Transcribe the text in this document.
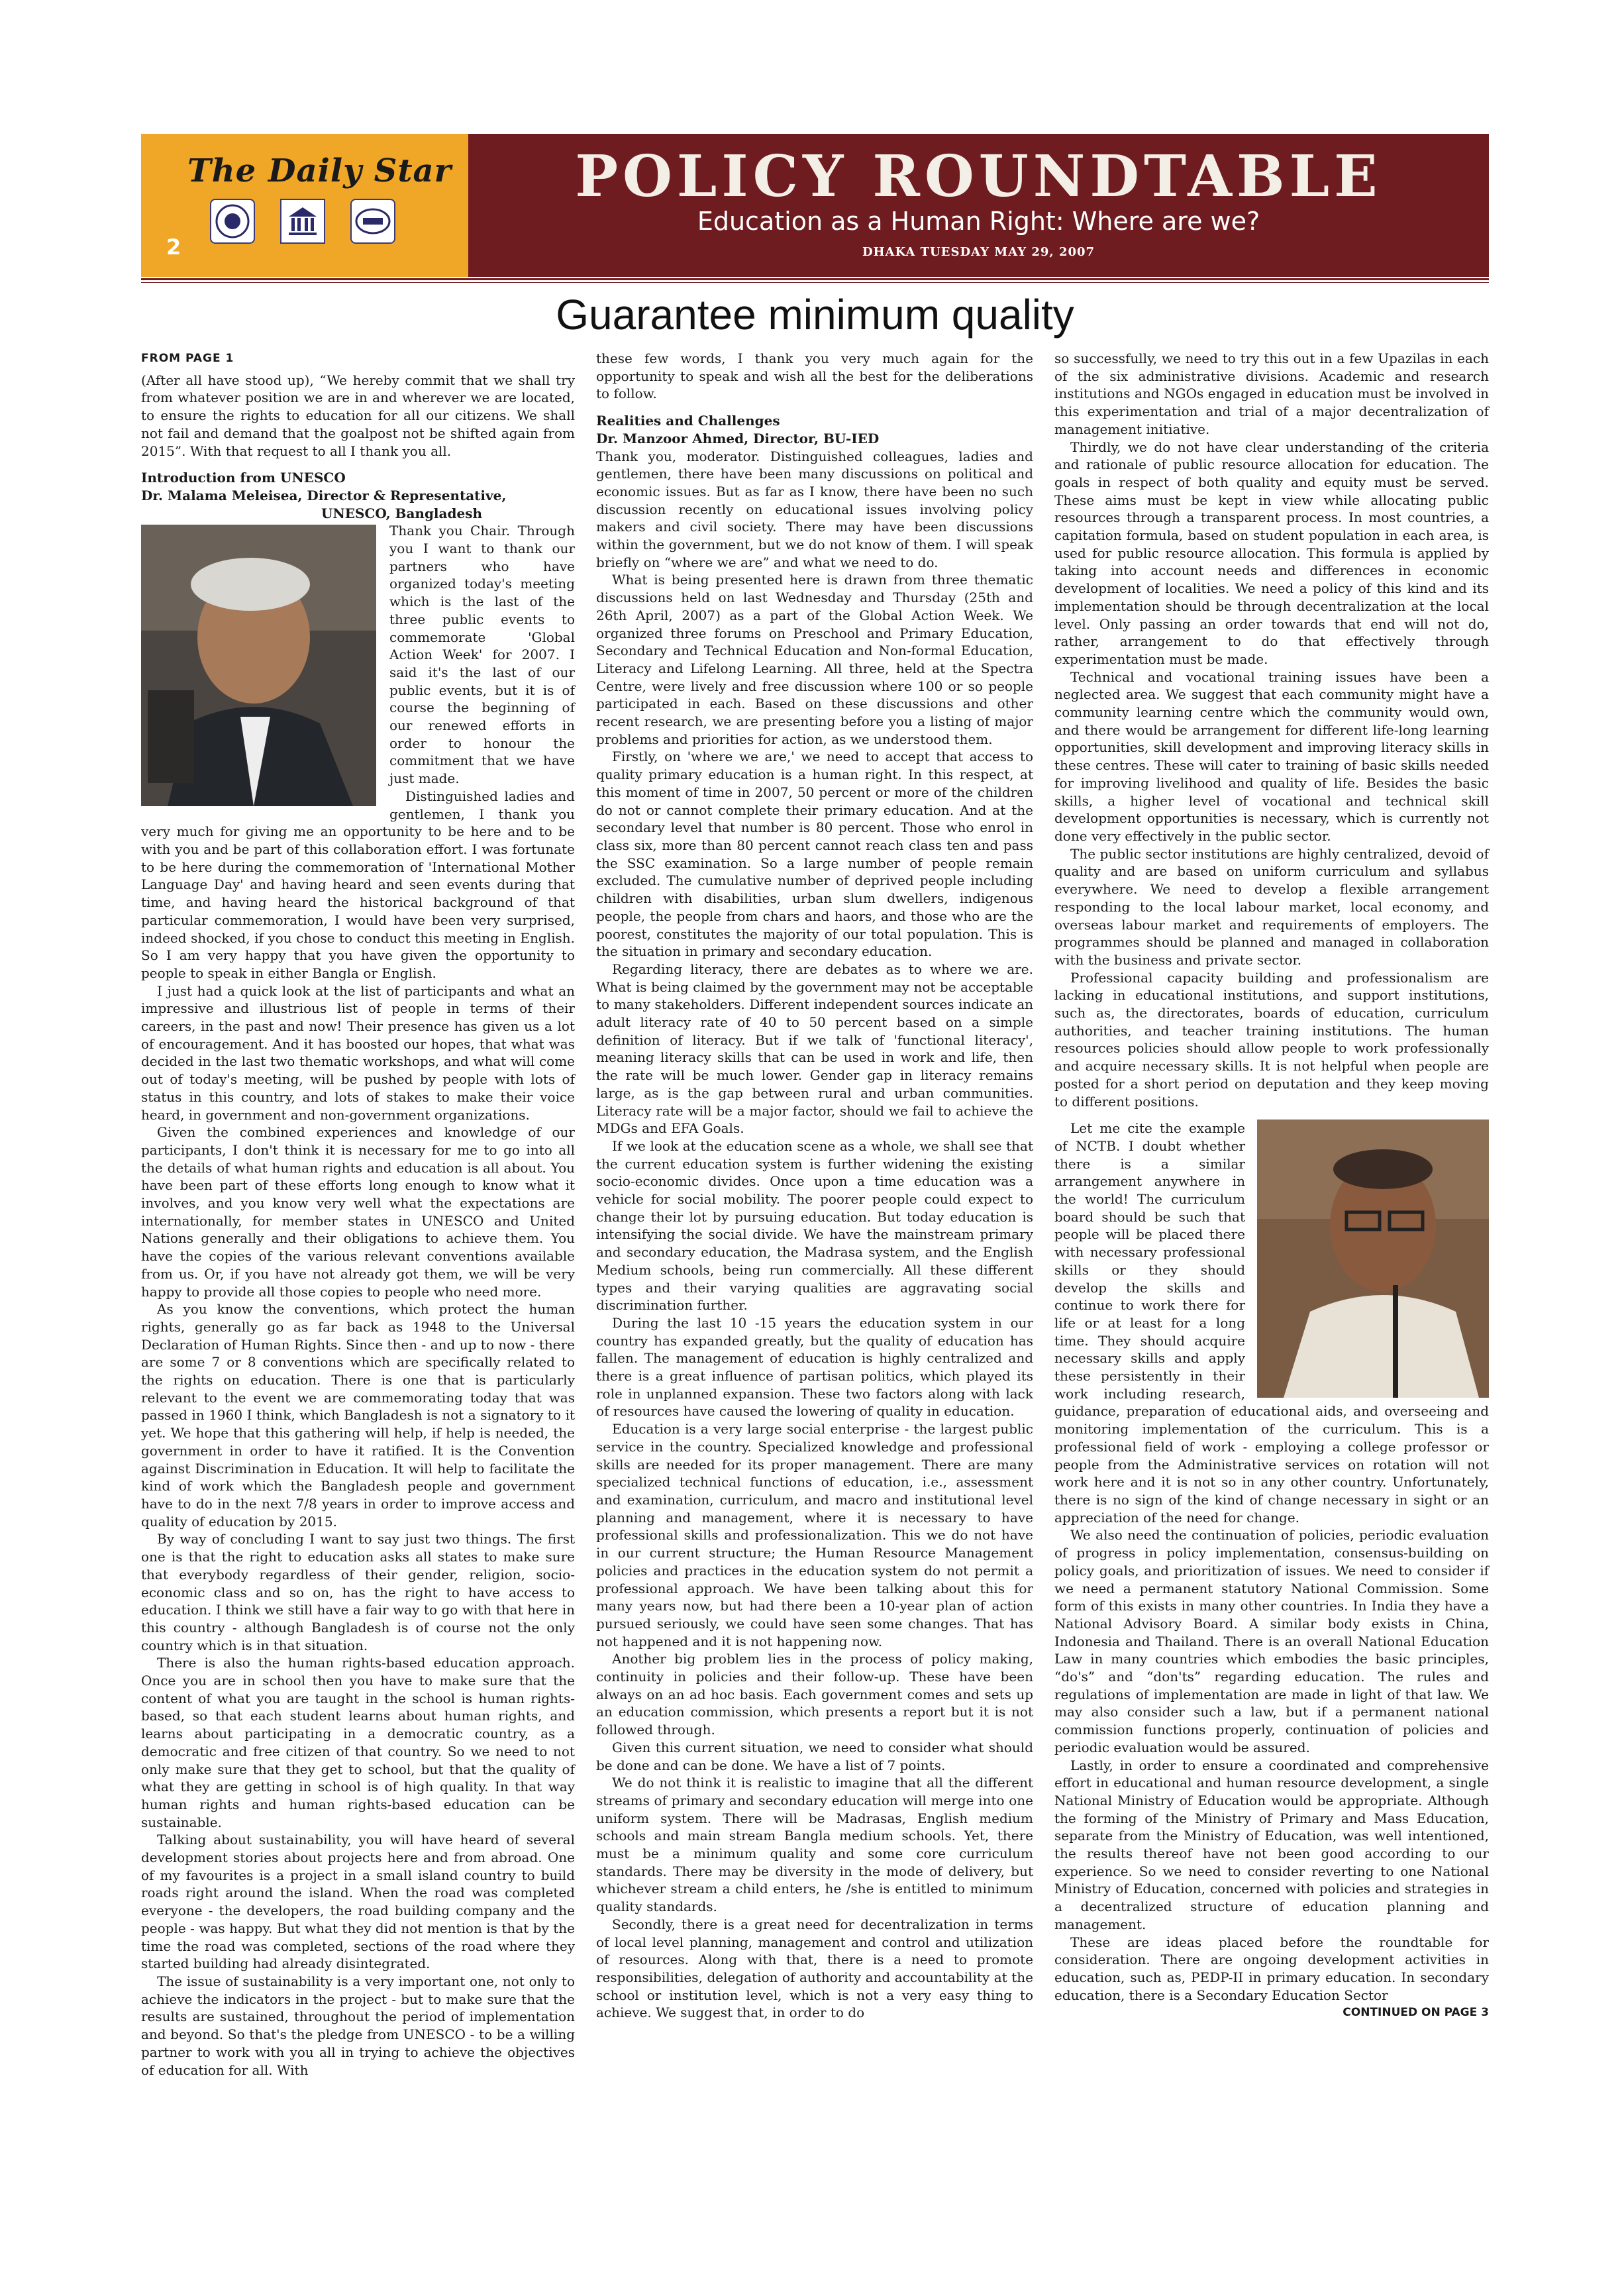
The Daily Star
2
POLICY ROUNDTABLE
Education as a Human Right: Where are we?
DHAKA TUESDAY MAY 29, 2007
Guarantee minimum quality

FROM PAGE 1

(After all have stood up), “We hereby commit that we shall try from whatever position we are in and wherever we are located, to ensure the rights to education for all our citizens. We shall not fail and demand that the goalpost not be shifted again from 2015”. With that request to all I thank you all.

Introduction from UNESCO

Dr. Malama Meleisea, Director & Representative,

UNESCO, Bangladesh

Thank you Chair. Through you I want to thank our partners who have organized today's meeting which is the last of the three public events to commemorate 'Global Action Week' for 2007. I said it's the last of our public events, but it is of course the beginning of our renewed efforts in order to honour the commitment that we have just made.

Distinguished ladies and gentlemen, I thank you very much for giving me an opportunity to be here and to be with you and be part of this collaboration effort. I was fortunate to be here during the commemoration of 'International Mother Language Day' and having heard and seen events during that time, and having heard the historical background of that particular commemoration, I would have been very surprised, indeed shocked, if you chose to conduct this meeting in English. So I am very happy that you have given the opportunity to people to speak in either Bangla or English.

I just had a quick look at the list of participants and what an impressive and illustrious list of people in terms of their careers, in the past and now! Their presence has given us a lot of encouragement. And it has boosted our hopes, that what was decided in the last two thematic workshops, and what will come out of today's meeting, will be pushed by people with lots of status in this country, and lots of stakes to make their voice heard, in government and non-government organizations.

Given the combined experiences and knowledge of our participants, I don't think it is necessary for me to go into all the details of what human rights and education is all about. You have been part of these efforts long enough to know what it involves, and you know very well what the expectations are internationally, for member states in UNESCO and United Nations generally and their obligations to achieve them. You have the copies of the various relevant conventions available from us. Or, if you have not already got them, we will be very happy to provide all those copies to people who need more.

As you know the conventions, which protect the human rights, generally go as far back as 1948 to the Universal Declaration of Human Rights. Since then - and up to now - there are some 7 or 8 conventions which are specifically related to the rights on education. There is one that is particularly relevant to the event we are commemorating today that was passed in 1960 I think, which Bangladesh is not a signatory to it yet. We hope that this gathering will help, if help is needed, the government in order to have it ratified. It is the Convention against Discrimination in Education. It will help to facilitate the kind of work which the Bangladesh people and government have to do in the next 7/8 years in order to improve access and quality of education by 2015.

By way of concluding I want to say just two things. The first one is that the right to education asks all states to make sure that everybody regardless of their gender, religion, socio-economic class and so on, has the right to have access to education. I think we still have a fair way to go with that here in this country - although Bangladesh is of course not the only country which is in that situation.

There is also the human rights-based education approach. Once you are in school then you have to make sure that the content of what you are taught in the school is human rights-based, so that each student learns about human rights, and learns about participating in a democratic country, as a democratic and free citizen of that country. So we need to not only make sure that they get to school, but that the quality of what they are getting in school is of high quality. In that way human rights and human rights-based education can be sustainable.

Talking about sustainability, you will have heard of several development stories about projects here and from abroad. One of my favourites is a project in a small island country to build roads right around the island. When the road was completed everyone - the developers, the road building company and the people - was happy. But what they did not mention is that by the time the road was completed, sections of the road where they started building had already disintegrated.

The issue of sustainability is a very important one, not only to achieve the indicators in the project - but to make sure that the results are sustained, throughout the period of implementation and beyond. So that's the pledge from UNESCO - to be a willing partner to work with you all in trying to achieve the objectives of education for all. With

these few words, I thank you very much again for the opportunity to speak and wish all the best for the deliberations to follow.

Realities and Challenges

Dr. Manzoor Ahmed, Director, BU-IED

Thank you, moderator. Distinguished colleagues, ladies and gentlemen, there have been many discussions on political and economic issues. But as far as I know, there have been no such discussion recently on educational issues involving policy makers and civil society. There may have been discussions within the government, but we do not know of them. I will speak briefly on “where we are” and what we need to do.

What is being presented here is drawn from three thematic discussions held on last Wednesday and Thursday (25th and 26th April, 2007) as a part of the Global Action Week. We organized three forums on Preschool and Primary Education, Secondary and Technical Education and Non-formal Education, Literacy and Lifelong Learning. All three, held at the Spectra Centre, were lively and free discussion where 100 or so people participated in each. Based on these discussions and other recent research, we are presenting before you a listing of major problems and priorities for action, as we understood them.

Firstly, on 'where we are,' we need to accept that access to quality primary education is a human right. In this respect, at this moment of time in 2007, 50 percent or more of the children do not or cannot complete their primary education. And at the secondary level that number is 80 percent. Those who enrol in class six, more than 80 percent cannot reach class ten and pass the SSC examination. So a large number of people remain excluded. The cumulative number of deprived people including children with disabilities, urban slum dwellers, indigenous people, the people from chars and haors, and those who are the poorest, constitutes the majority of our total population. This is the situation in primary and secondary education.

Regarding literacy, there are debates as to where we are. What is being claimed by the government may not be acceptable to many stakeholders. Different independent sources indicate an adult literacy rate of 40 to 50 percent based on a simple definition of literacy. But if we talk of 'functional literacy', meaning literacy skills that can be used in work and life, then the rate will be much lower. Gender gap in literacy remains large, as is the gap between rural and urban communities. Literacy rate will be a major factor, should we fail to achieve the MDGs and EFA Goals.

If we look at the education scene as a whole, we shall see that the current education system is further widening the existing socio-economic divides. Once upon a time education was a vehicle for social mobility. The poorer people could expect to change their lot by pursuing education. But today education is intensifying the social divide. We have the mainstream primary and secondary education, the Madrasa system, and the English Medium schools, being run commercially. All these different types and their varying qualities are aggravating social discrimination further.

During the last 10 -15 years the education system in our country has expanded greatly, but the quality of education has fallen. The management of education is highly centralized and there is a great influence of partisan politics, which played its role in unplanned expansion. These two factors along with lack of resources have caused the lowering of quality in education.

Education is a very large social enterprise - the largest public service in the country. Specialized knowledge and professional skills are needed for its proper management. There are many specialized technical functions of education, i.e., assessment and examination, curriculum, and macro and institutional level planning and management, where it is necessary to have professional skills and professionalization. This we do not have in our current structure; the Human Resource Management policies and practices in the education system do not permit a professional approach. We have been talking about this for many years now, but had there been a 10-year plan of action pursued seriously, we could have seen some changes. That has not happened and it is not happening now.

Another big problem lies in the process of policy making, continuity in policies and their follow-up. These have been always on an ad hoc basis. Each government comes and sets up an education commission, which presents a report but it is not followed through.

Given this current situation, we need to consider what should be done and can be done. We have a list of 7 points.

We do not think it is realistic to imagine that all the different streams of primary and secondary education will merge into one uniform system. There will be Madrasas, English medium schools and main stream Bangla medium schools. Yet, there must be a minimum quality and some core curriculum standards. There may be diversity in the mode of delivery, but whichever stream a child enters, he /she is entitled to minimum quality standards.

Secondly, there is a great need for decentralization in terms of local level planning, management and control and utilization of resources. Along with that, there is a need to promote responsibilities, delegation of authority and accountability at the school or institution level, which is not a very easy thing to achieve. We suggest that, in order to do

so successfully, we need to try this out in a few Upazilas in each of the six administrative divisions. Academic and research institutions and NGOs engaged in education must be involved in this experimentation and trial of a major decentralization of management initiative.

Thirdly, we do not have clear understanding of the criteria and rationale of public resource allocation for education. The goals in respect of both quality and equity must be served. These aims must be kept in view while allocating public resources through a transparent process. In most countries, a capitation formula, based on student population in each area, is used for public resource allocation. This formula is applied by taking into account needs and differences in economic development of localities. We need a policy of this kind and its implementation should be through decentralization at the local level. Only passing an order towards that end will not do, rather, arrangement to do that effectively through experimentation must be made.

Technical and vocational training issues have been a neglected area. We suggest that each community might have a community learning centre which the community would own, and there would be arrangement for different life-long learning opportunities, skill development and improving literacy skills in these centres. These will cater to training of basic skills needed for improving livelihood and quality of life. Besides the basic skills, a higher level of vocational and technical skill development opportunities is necessary, which is currently not done very effectively in the public sector.

The public sector institutions are highly centralized, devoid of quality and are based on uniform curriculum and syllabus everywhere. We need to develop a flexible arrangement responding to the local labour market, local economy, and overseas labour market and requirements of employers. The programmes should be planned and managed in collaboration with the business and private sector.

Professional capacity building and professionalism are lacking in educational institutions, and support institutions, such as, the directorates, boards of education, curriculum authorities, and teacher training institutions. The human resources policies should allow people to work professionally and acquire necessary skills. It is not helpful when people are posted for a short period on deputation and they keep moving to different positions.

Let me cite the example of NCTB. I doubt whether there is a similar arrangement anywhere in the world! The curriculum board should be such that people will be placed there with necessary professional skills or they should develop the skills and continue to work there for life or at least for a long time. They should acquire necessary skills and apply these persistently in their work including research, guidance, preparation of educational aids, and overseeing and monitoring implementation of the curriculum. This is a professional field of work - employing a college professor or people from the Administrative services on rotation will not work here and it is not so in any other country. Unfortunately, there is no sign of the kind of change necessary in sight or an appreciation of the need for change.

We also need the continuation of policies, periodic evaluation of progress in policy implementation, consensus-building on policy goals, and prioritization of issues. We need to consider if we need a permanent statutory National Commission. Some form of this exists in many other countries. In India they have a National Advisory Board. A similar body exists in China, Indonesia and Thailand. There is an overall National Education Law in many countries which embodies the basic principles, “do's” and “don'ts” regarding education. The rules and regulations of implementation are made in light of that law. We may also consider such a law, but if a permanent national commission functions properly, continuation of policies and periodic evaluation would be assured.

Lastly, in order to ensure a coordinated and comprehensive effort in educational and human resource development, a single National Ministry of Education would be appropriate. Although the forming of the Ministry of Primary and Mass Education, separate from the Ministry of Education, was well intentioned, the results thereof have not been good according to our experience. So we need to consider reverting to one National Ministry of Education, concerned with policies and strategies in a decentralized structure of education planning and management.

These are ideas placed before the roundtable for consideration. There are ongoing development activities in education, such as, PEDP-II in primary education. In secondary education, there is a Secondary Education Sector

CONTINUED ON PAGE 3
